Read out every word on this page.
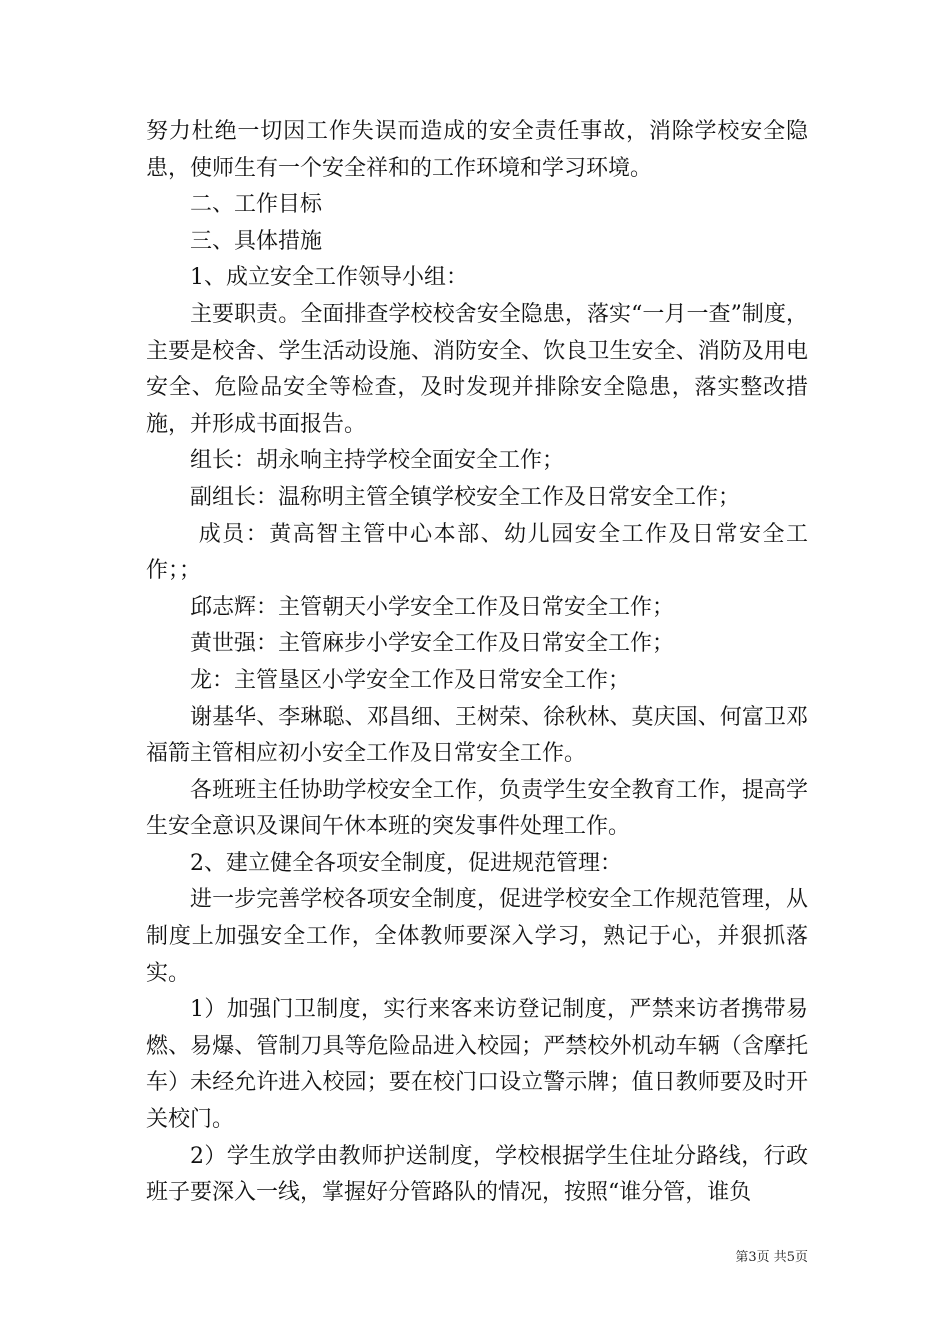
努力杜绝一切因工作失误而造成的安全责任事故，消除学校安全隐患，使师生有一个安全祥和的工作环境和学习环境。

二、工作目标

三、具体措施

1、成立安全工作领导小组：

主要职责。全面排查学校校舍安全隐患，落实“一月一查”制度，主要是校舍、学生活动设施、消防安全、饮良卫生安全、消防及用电安全、危险品安全等检查，及时发现并排除安全隐患，落实整改措施，并形成书面报告。

组长：胡永响主持学校全面安全工作；

副组长：温称明主管全镇学校安全工作及日常安全工作；

成员：黄高智主管中心本部、幼儿园安全工作及日常安全工作；；

邱志辉：主管朝天小学安全工作及日常安全工作；

黄世强：主管麻步小学安全工作及日常安全工作；

龙：主管垦区小学安全工作及日常安全工作；

谢基华、李琳聪、邓昌细、王树荣、徐秋林、莫庆国、何富卫邓福箭主管相应初小安全工作及日常安全工作。

各班班主任协助学校安全工作，负责学生安全教育工作，提高学生安全意识及课间午休本班的突发事件处理工作。

2、建立健全各项安全制度，促进规范管理：

进一步完善学校各项安全制度，促进学校安全工作规范管理，从制度上加强安全工作，全体教师要深入学习，熟记于心，并狠抓落实。

1）加强门卫制度，实行来客来访登记制度，严禁来访者携带易燃、易爆、管制刀具等危险品进入校园；严禁校外机动车辆（含摩托车）未经允许进入校园；要在校门口设立警示牌；值日教师要及时开关校门。

2）学生放学由教师护送制度，学校根据学生住址分路线，行政班子要深入一线，掌握好分管路队的情况，按照“谁分管，谁负

第3页 共5页
